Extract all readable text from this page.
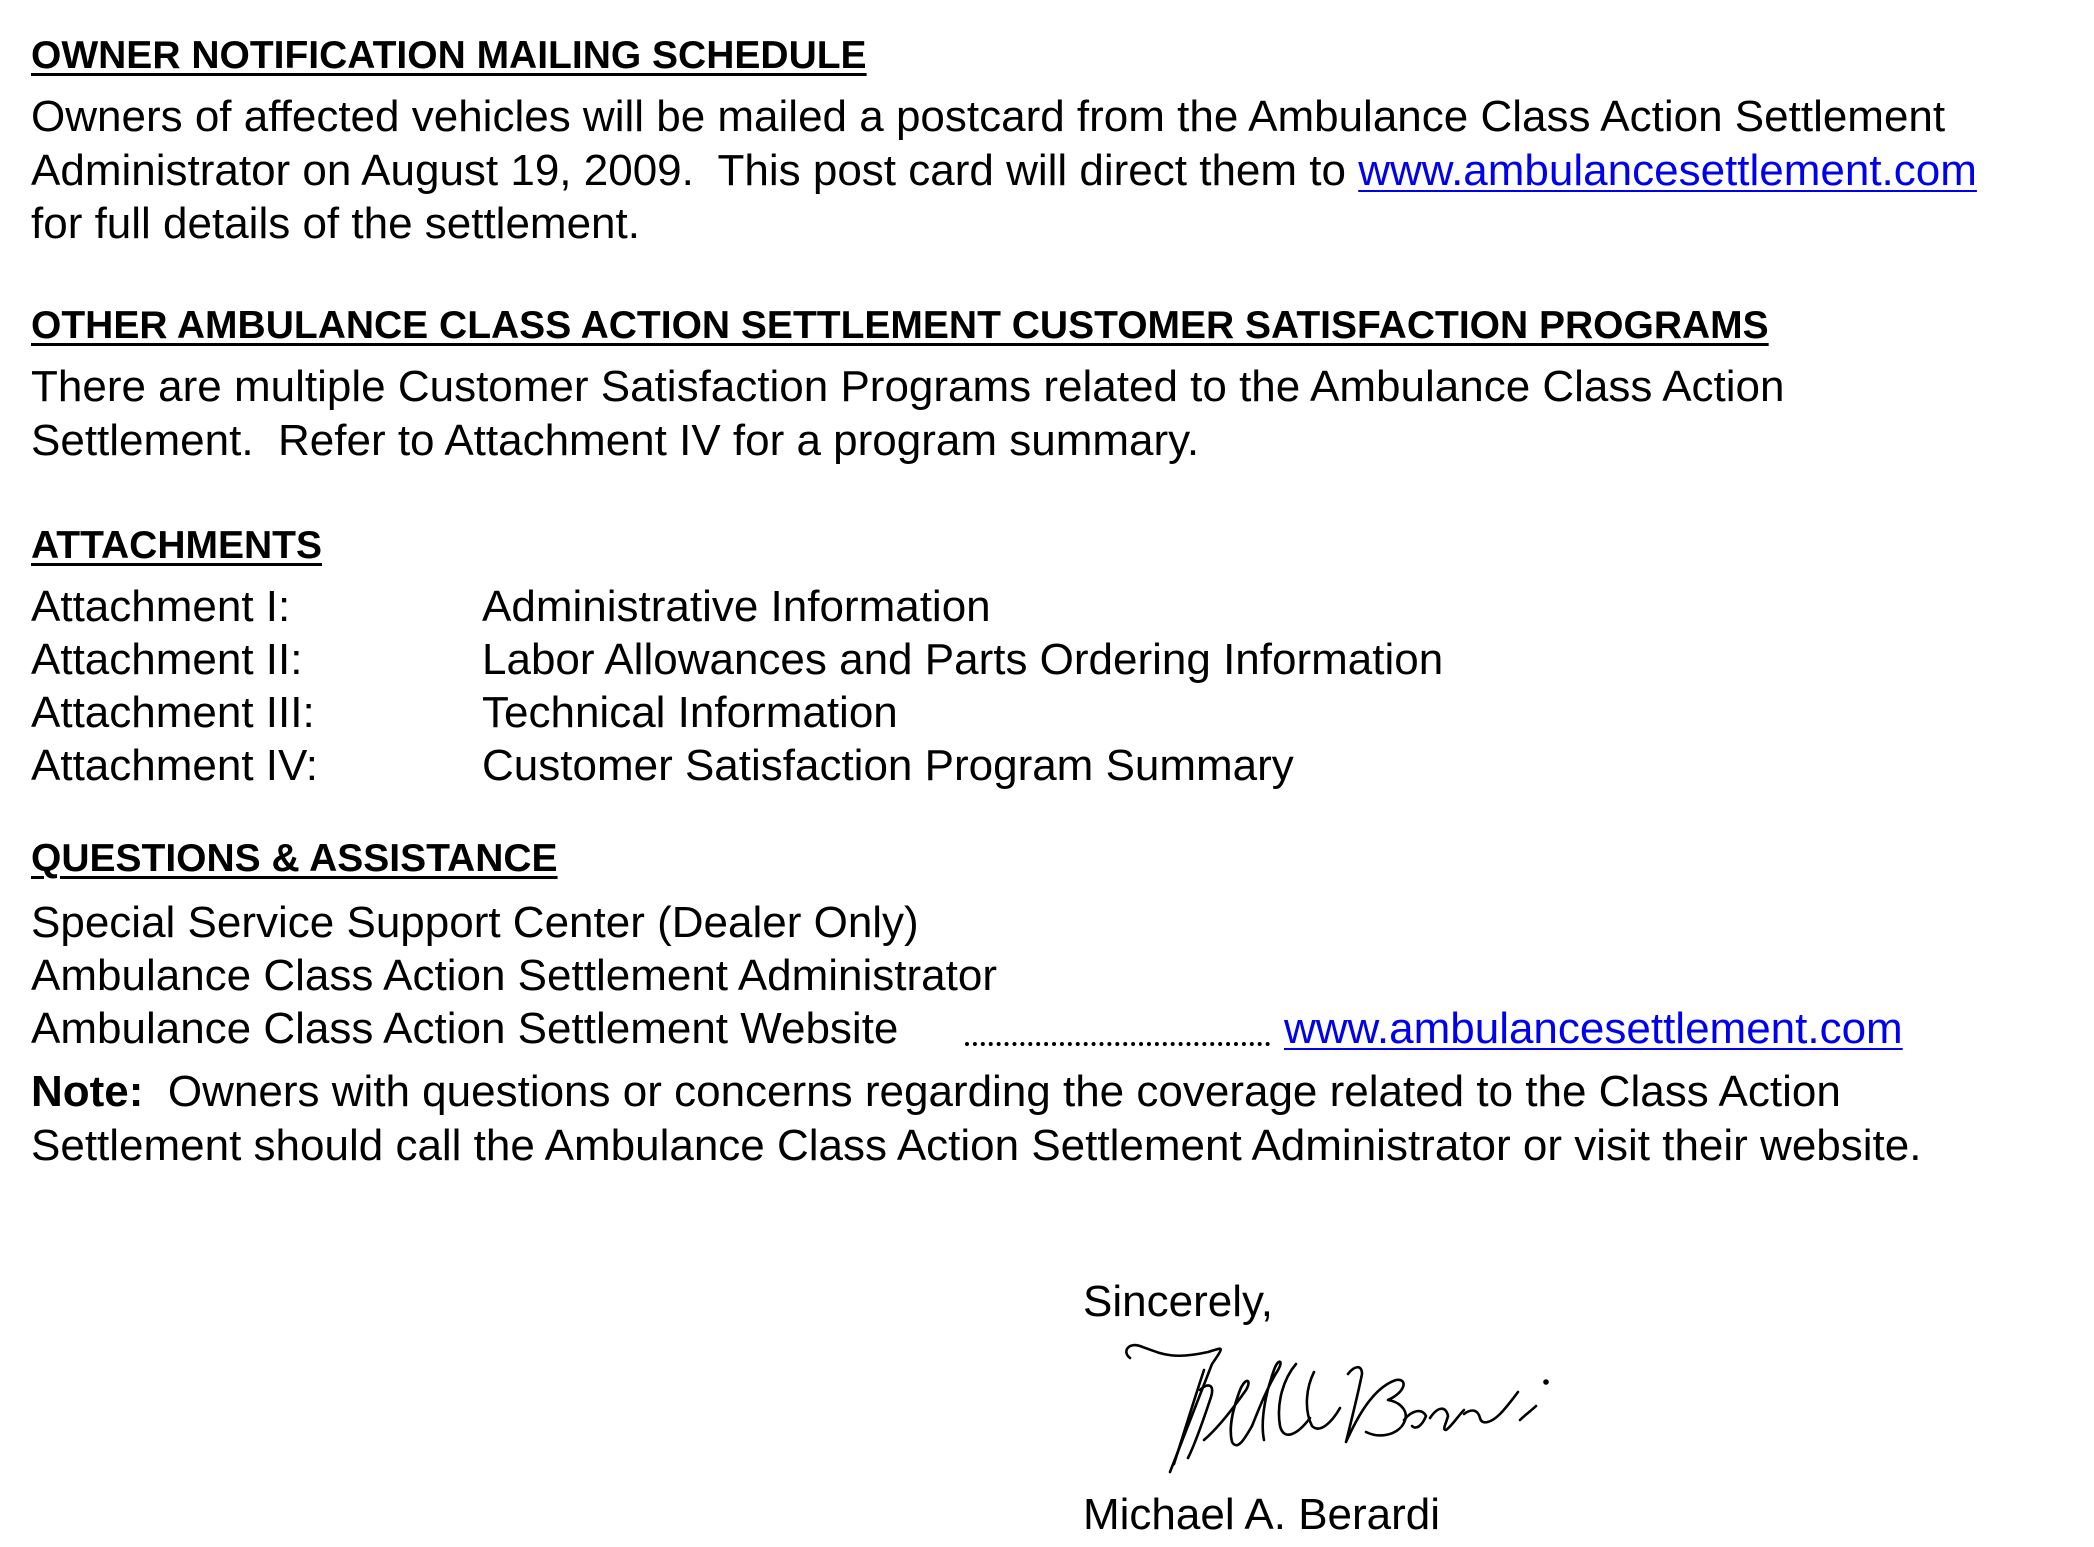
OWNER NOTIFICATION MAILING SCHEDULE
Owners of affected vehicles will be mailed a postcard from the Ambulance Class Action Settlement
Administrator on August 19, 2009.  This post card will direct them to www.ambulancesettlement.com
for full details of the settlement.
OTHER AMBULANCE CLASS ACTION SETTLEMENT CUSTOMER SATISFACTION PROGRAMS
There are multiple Customer Satisfaction Programs related to the Ambulance Class Action
Settlement.  Refer to Attachment IV for a program summary.
ATTACHMENTS
Attachment I:	Administrative Information
Attachment II:	Labor Allowances and Parts Ordering Information
Attachment III:	Technical Information
Attachment IV:	Customer Satisfaction Program Summary
QUESTIONS & ASSISTANCE
Special Service Support Center (Dealer Only)
Ambulance Class Action Settlement Administrator
Ambulance Class Action Settlement Website	www.ambulancesettlement.com
Note:  Owners with questions or concerns regarding the coverage related to the Class Action
Settlement should call the Ambulance Class Action Settlement Administrator or visit their website.
Sincerely,
Michael A. Berardi
